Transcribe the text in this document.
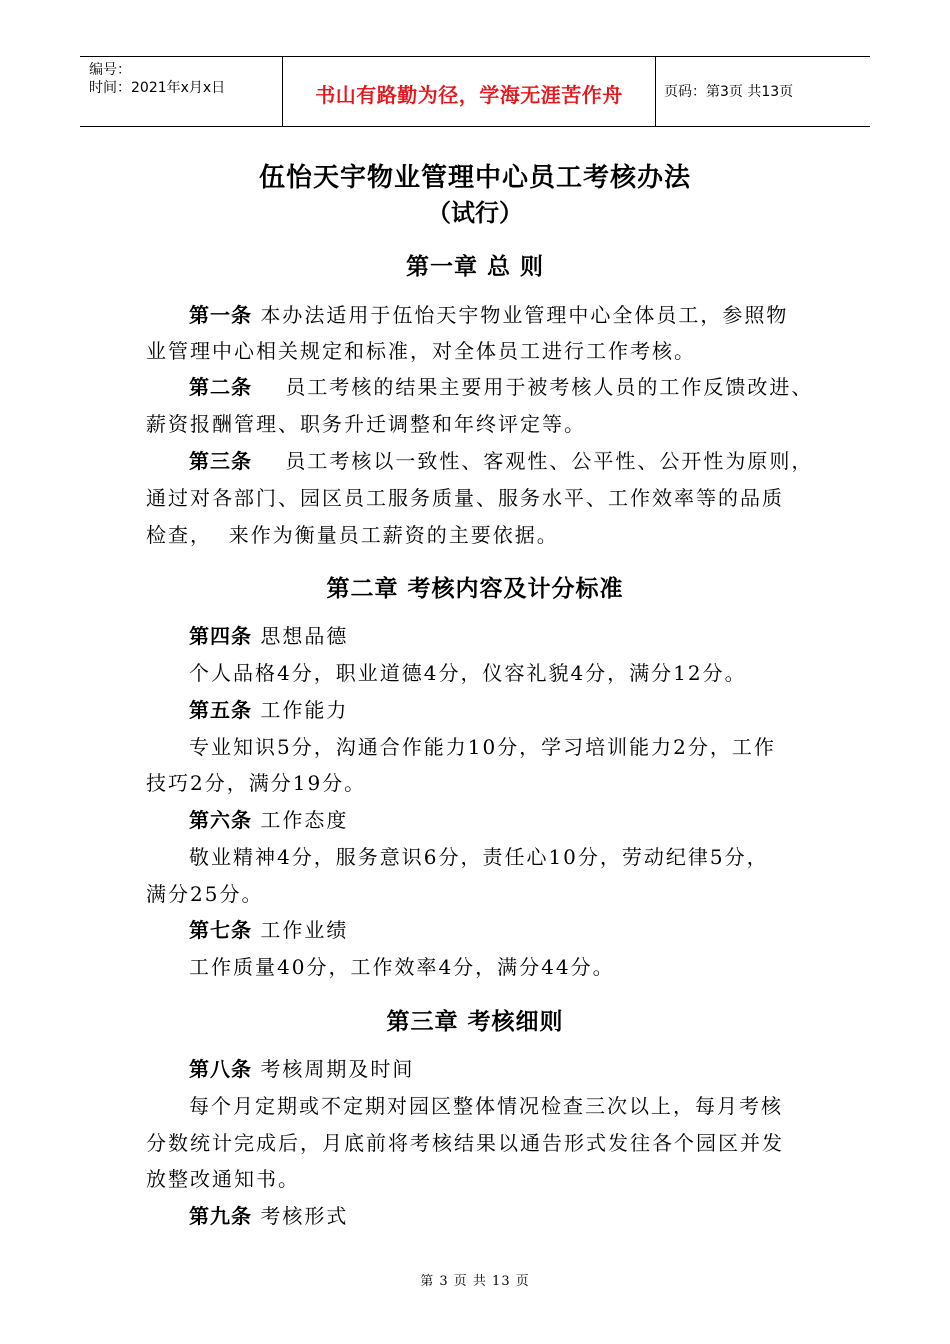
编号：
时间：2021年x月x日	书山有路勤为径，学海无涯苦作舟	页码：第3页 共13页
伍怡天宇物业管理中心员工考核办法
（试行）
第一章 总 则
第一条 本办法适用于伍怡天宇物业管理中心全体员工，参照物
业管理中心相关规定和标准，对全体员工进行工作考核。
第二条    员工考核的结果主要用于被考核人员的工作反馈改进、
薪资报酬管理、职务升迁调整和年终评定等。
第三条    员工考核以一致性、客观性、公平性、公开性为原则，
通过对各部门、园区员工服务质量、服务水平、工作效率等的品质
检查，  来作为衡量员工薪资的主要依据。
第二章 考核内容及计分标准
第四条 思想品德
个人品格4分，职业道德4分，仪容礼貌4分，满分12分。
第五条 工作能力
专业知识5分，沟通合作能力10分，学习培训能力2分，工作
技巧2分，满分19分。
第六条 工作态度
敬业精神4分，服务意识6分，责任心10分，劳动纪律5分，
满分25分。
第七条 工作业绩
工作质量40分，工作效率4分，满分44分。
第三章 考核细则
第八条 考核周期及时间
每个月定期或不定期对园区整体情况检查三次以上，每月考核
分数统计完成后，月底前将考核结果以通告形式发往各个园区并发
放整改通知书。
第九条 考核形式
第 3 页 共 13 页
